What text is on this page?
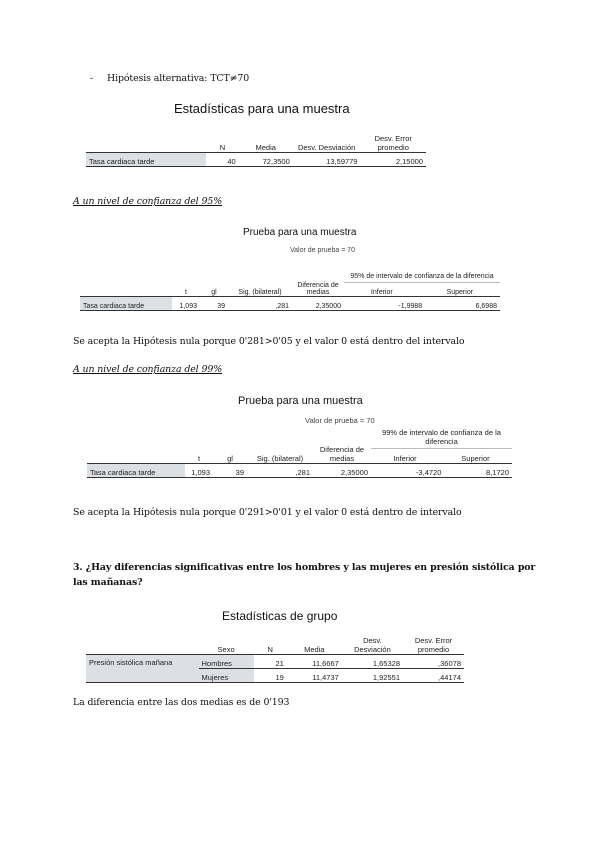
- Hipótesis alternativa: TCT≠70
Estadísticas para una muestra
	N	Media	Desv. Desviación	Desv. Error promedio
Tasa cardiaca tarde	40	72,3500	13,59779	2,15000
A un nivel de confianza del 95%
Prueba para una muestra
Valor de prueba = 70
	t	gl	Sig. (bilateral)	Diferencia de medias	95% de intervalo de confianza de la diferencia
Inferior Superior	

Tasa cardiaca tarde	1,093	39	,281	2,35000	-1,9988	6,6988
Se acepta la Hipótesis nula porque 0'281>0'05 y el valor 0 está dentro del intervalo
A un nivel de confianza del 99%
Prueba para una muestra
Valor de prueba = 70
	t	gl	Sig. (bilateral)	Diferencia de medias	99% de intervalo de confianza de la diferencia
Inferior Superior	

Tasa cardiaca tarde	1,093	39	,281	2,35000	-3,4720	8,1720
Se acepta la Hipótesis nula porque 0'291>0'01 y el valor 0 está dentro de intervalo
3. ¿Hay diferencias significativas entre los hombres y las mujeres en presión sistólica por
las mañanas?
Estadísticas de grupo
	Sexo	N	Media	Desv. Desviación	Desv. Error promedio
Presión sistólica mañana	Hombres	21	11,6667	1,65328	,36078
	Mujeres	19	11,4737	1,92551	,44174
La diferencia entre las dos medias es de 0'193
